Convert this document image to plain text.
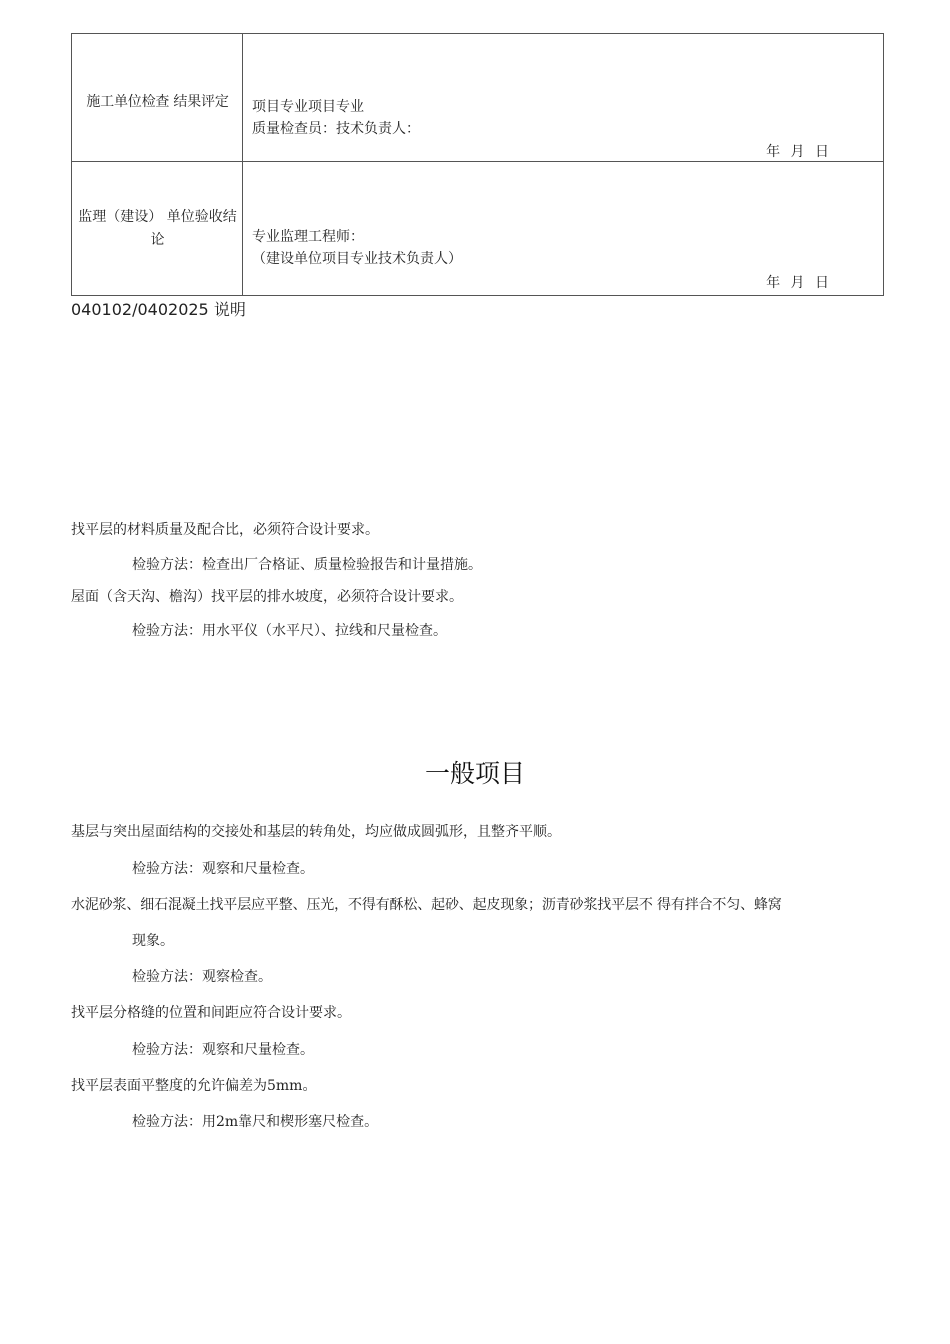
施工单位检查 结果评定	项目专业项目专业
质量检查员：技术负责人：
年 月 日

监理（建设） 单位验收结论	专业监理工程师：
（建设单位项目专业技术负责人）
年 月 日
040102/0402025 说明
找平层的材料质量及配合比，必须符合设计要求。
检验方法：检查出厂合格证、质量检验报告和计量措施。
屋面（含天沟、檐沟）找平层的排水坡度，必须符合设计要求。
检验方法：用水平仪（水平尺）、拉线和尺量检查。
一般项目
基层与突出屋面结构的交接处和基层的转角处，均应做成圆弧形，且整齐平顺。
检验方法：观察和尺量检查。
水泥砂浆、细石混凝土找平层应平整、压光，不得有酥松、起砂、起皮现象；沥青砂浆找平层不 得有拌合不匀、蜂窝
现象。
检验方法：观察检查。
找平层分格缝的位置和间距应符合设计要求。
检验方法：观察和尺量检查。
找平层表面平整度的允许偏差为5mm。
检验方法：用2m靠尺和楔形塞尺检查。
